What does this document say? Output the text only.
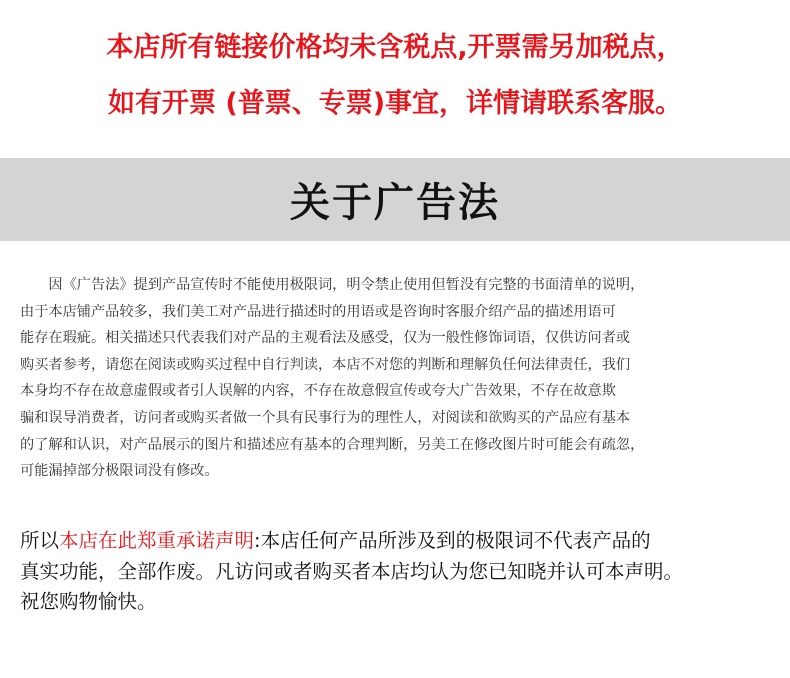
本店所有链接价格均未含税点,开票需另加税点，
如有开票 (普票、专票)事宜，详情请联系客服。
关于广告法
因《广告法》提到产品宣传时不能使用极限词，明令禁止使用但暂没有完整的书面清单的说明，
由于本店铺产品较多，我们美工对产品进行描述时的用语或是咨询时客服介绍产品的描述用语可
能存在瑕疵。相关描述只代表我们对产品的主观看法及感受，仅为一般性修饰词语，仅供访问者或
购买者参考，请您在阅读或购买过程中自行判读，本店不对您的判断和理解负任何法律责任，我们
本身均不存在故意虚假或者引人误解的内容，不存在故意假宣传或夸大广告效果，不存在故意欺
骗和误导消费者，访问者或购买者做一个具有民事行为的理性人，对阅读和欲购买的产品应有基本
的了解和认识，对产品展示的图片和描述应有基本的合理判断，另美工在修改图片时可能会有疏忽，
可能漏掉部分极限词没有修改。
所以本店在此郑重承诺声明:本店任何产品所涉及到的极限词不代表产品的
真实功能，全部作废。凡访问或者购买者本店均认为您已知晓并认可本声明。
祝您购物愉快。
